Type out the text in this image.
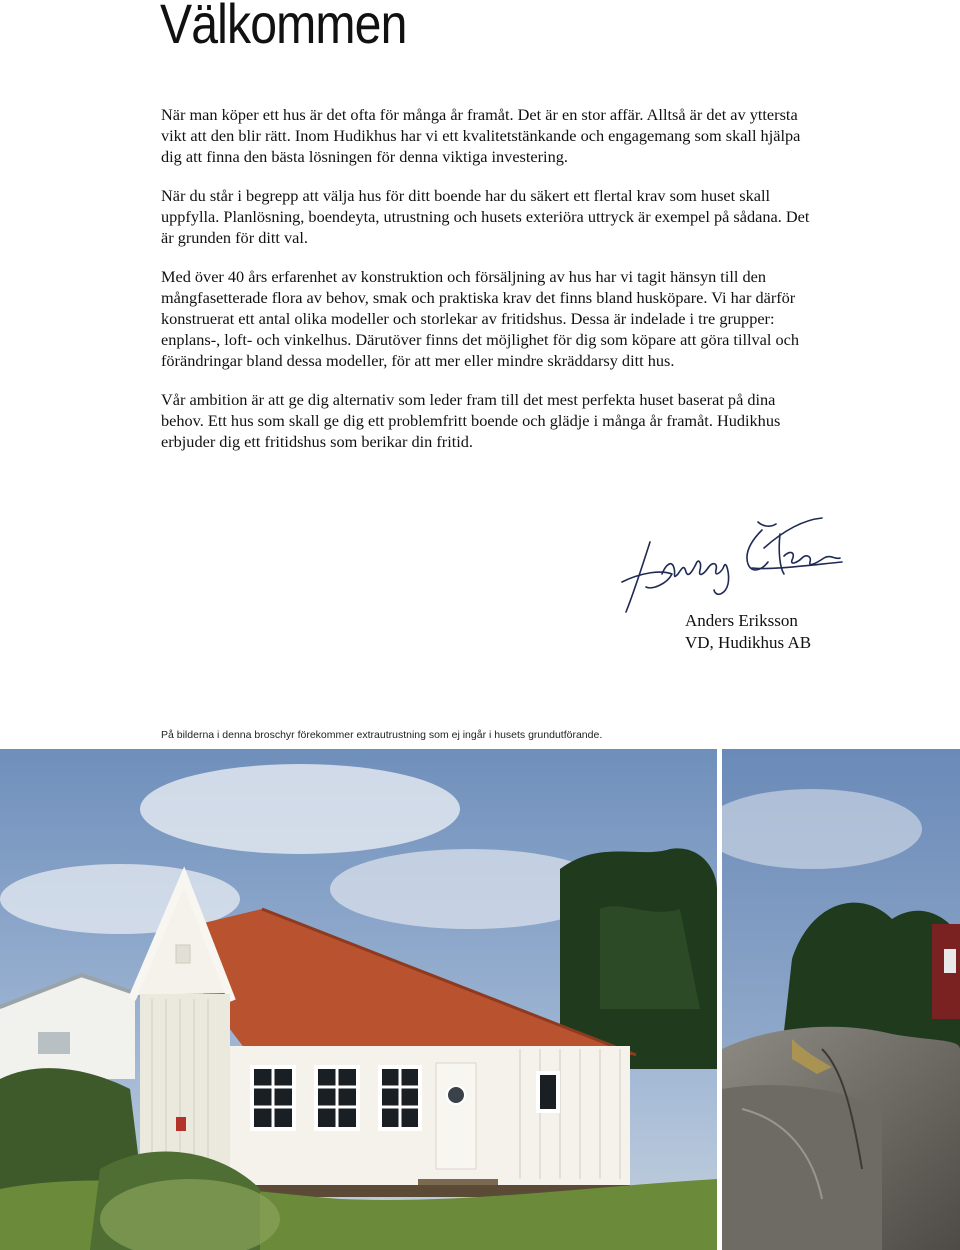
Välkommen

När man köper ett hus är det ofta för många år framåt. Det är en stor affär. Alltså är det av yttersta vikt att den blir rätt. Inom Hudikhus har vi ett kvalitetstänkande och engagemang som skall hjälpa dig att finna den bästa lösningen för denna viktiga investering.

När du står i begrepp att välja hus för ditt boende har du säkert ett flertal krav som huset skall uppfylla. Planlösning, boendeyta, utrustning och husets exteriöra uttryck är exempel på sådana. Det är grunden för ditt val.

Med över 40 års erfarenhet av konstruktion och försäljning av hus har vi tagit hänsyn till den mångfasetterade flora av behov, smak och praktiska krav det finns bland husköpare. Vi har därför konstruerat ett antal olika modeller och storlekar av fritidshus. Dessa är indelade i tre grupper: enplans-, loft- och vinkelhus. Därutöver finns det möjlighet för dig som köpare att göra tillval och förändringar bland dessa modeller, för att mer eller mindre skräddarsy ditt hus.

Vår ambition är att ge dig alternativ som leder fram till det mest perfekta huset baserat på dina behov. Ett hus som skall ge dig ett problemfritt boende och glädje i många år framåt. Hudikhus erbjuder dig ett fritidshus som berikar din fritid.

Anders Eriksson
VD, Hudikhus AB
På bilderna i denna broschyr förekommer extrautrustning som ej ingår i husets grundutförande.
